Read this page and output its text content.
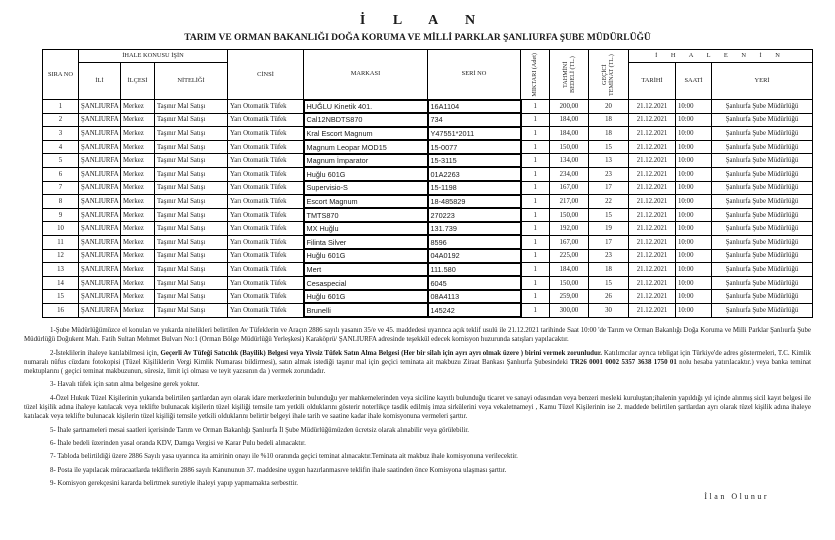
İ L A N
TARIM VE ORMAN BAKANLIĞI DOĞA KORUMA VE MİLLİ PARKLAR ŞANLIURFA ŞUBE MÜDÜRLÜĞÜ
SIRA NO	İHALE KONUSU İŞİN			CİNSİ	MARKASI	SERİ NO	MIKTARI (Adet)	TAHMİNİ BEDELİ (TL.)	GEÇİCİ TEMİNAT (TL.)	İ H A L E N İ N		
	İLİ	İLÇESİ	NİTELİĞİ							TARİHİ	SAATİ	YERİ
1	ŞANLIURFA	Merkez	Taşınır Mal Satışı	Yarı Otomatik Tüfek	HUĞLU Kinetik 401.	16A1104	1	200,00	20	21.12.2021	10:00	Şanlıurfa Şube Müdürlüğü
2	ŞANLIURFA	Merkez	Taşınır Mal Satışı	Yarı Otomatik Tüfek	Cal12NBDTS870	734	1	184,00	18	21.12.2021	10:00	Şanlıurfa Şube Müdürlüğü
3	ŞANLIURFA	Merkez	Taşınır Mal Satışı	Yarı Otomatik Tüfek	Kral Escort Magnum	Y47551*2011	1	184,00	18	21.12.2021	10:00	Şanlıurfa Şube Müdürlüğü
4	ŞANLIURFA	Merkez	Taşınır Mal Satışı	Yarı Otomatik Tüfek	Magnum Leopar MOD15	15-0077	1	150,00	15	21.12.2021	10:00	Şanlıurfa Şube Müdürlüğü
5	ŞANLIURFA	Merkez	Taşınır Mal Satışı	Yarı Otomatik Tüfek	Magnum İmparator	15-3115	1	134,00	13	21.12.2021	10:00	Şanlıurfa Şube Müdürlüğü
6	ŞANLIURFA	Merkez	Taşınır Mal Satışı	Yarı Otomatik Tüfek	Huğlu 601G	01A2263	1	234,00	23	21.12.2021	10:00	Şanlıurfa Şube Müdürlüğü
7	ŞANLIURFA	Merkez	Taşınır Mal Satışı	Yarı Otomatik Tüfek	Supervisio-S	15-1198	1	167,00	17	21.12.2021	10:00	Şanlıurfa Şube Müdürlüğü
8	ŞANLIURFA	Merkez	Taşınır Mal Satışı	Yarı Otomatik Tüfek	Escort Magnum	18-485829	1	217,00	22	21.12.2021	10:00	Şanlıurfa Şube Müdürlüğü
9	ŞANLIURFA	Merkez	Taşınır Mal Satışı	Yarı Otomatik Tüfek	TMTS870	270223	1	150,00	15	21.12.2021	10:00	Şanlıurfa Şube Müdürlüğü
10	ŞANLIURFA	Merkez	Taşınır Mal Satışı	Yarı Otomatik Tüfek	MX Huğlu	131.739	1	192,00	19	21.12.2021	10:00	Şanlıurfa Şube Müdürlüğü
11	ŞANLIURFA	Merkez	Taşınır Mal Satışı	Yarı Otomatik Tüfek	Filinta Silver	8596	1	167,00	17	21.12.2021	10:00	Şanlıurfa Şube Müdürlüğü
12	ŞANLIURFA	Merkez	Taşınır Mal Satışı	Yarı Otomatik Tüfek	Huğlu 601G	04A0192	1	225,00	23	21.12.2021	10:00	Şanlıurfa Şube Müdürlüğü
13	ŞANLIURFA	Merkez	Taşınır Mal Satışı	Yarı Otomatik Tüfek	Mert	111.580	1	184,00	18	21.12.2021	10:00	Şanlıurfa Şube Müdürlüğü
14	ŞANLIURFA	Merkez	Taşınır Mal Satışı	Yarı Otomatik Tüfek	Cesaspecial	6045	1	150,00	15	21.12.2021	10:00	Şanlıurfa Şube Müdürlüğü
15	ŞANLIURFA	Merkez	Taşınır Mal Satışı	Yarı Otomatik Tüfek	Huğlu 601G	08A4113	1	259,00	26	21.12.2021	10:00	Şanlıurfa Şube Müdürlüğü
16	ŞANLIURFA	Merkez	Taşınır Mal Satışı	Yarı Otomatik Tüfek	Brunelli	145242	1	300,00	30	21.12.2021	10:00	Şanlıurfa Şube Müdürlüğü
1-Şube Müdürlüğümüzce el konulan ve yukarda nitelikleri belirtilen Av Tüfeklerin ve Araçın 2886 sayılı yasanın 35/e ve 45. maddedesi uyarınca açık teklif usulü ile 21.12.2021 tarihinde Saat 10:00 'de Tarım ve Orman Bakanlığı Doğa Koruma ve Milli Parklar Şanlıurfa Şube Müdürlüğü Doğukent Mah. Fatih Sultan Mehmet Bulvarı No:1 (Orman Bölge Müdürlüğü Yerleşkesi) Karaköprü/ ŞANLIURFA adresinde teşekkül edecek komisyon huzurunda satışları yapılacaktır.
2-İsteklilerin ihaleye katılabilmesi için, Geçerli Av Tüfeği Satıcılık (Bayilik) Belgesi veya Yivsiz Tüfek Satın Alma Belgesi (Her bir silah için ayrı ayrı olmak üzere ) birini vermek zorunludur. Katılımcılar ayrıca tebligat için Türkiye'de adres göstermeleri, T.C. Kimlik numaralı nüfus cüzdanı fotokopisi (Tüzel Kişiliklerin Vergi Kimlik Numarası bildirmesi), satın almak istediği taşınır mal için geçici teminata ait makbuzu Ziraat Bankası Şanlıurfa Şubesindeki TR26 0001 0002 5357 3638 1750 01 nolu hesaba yatırılacaktır.) veya banka teminat mektuplarını ( geçici teminat makbuzunun, süresiz, limit içi olması ve teyit yazısının da ) vermek zorundadır.
3- Havalı tüfek için satın alma belgesine gerek yoktur.
4-Özel Hukuk Tüzel Kişilerinin yukarıda belirtilen şartlardan ayrı olarak idare merkezlerinin bulunduğu yer mahkemelerinden veya siciline kayıtlı bulunduğu ticaret ve sanayi odasından veya benzeri mesleki kuruluştan;ihalenin yapıldığı yıl içinde alınmış sicil kayıt belgesi ile tüzel kişilik adına ihaleye katılacak veya teklifte bulunacak kişilerin tüzel kişiliği temsile tam yetkili olduklarını gösterir noterlikçe tasdik edilmiş imza sirkülerini veya vekaletnameyi , Kamu Tüzel Kişilerinin ise 2. maddede belirtilen şartlardan ayrı olarak tüzel kişilik adına ihaleye katılacak veya teklifte bulunacak kişilerin tüzel kişiliği temsile yetkili olduklarını belirtir belgeyi ihale tarih ve saatine kadar ihale komisyonuna vermeleri şarttır.
5- İhale şartnameleri mesai saatleri içerisinde Tarım ve Orman Bakanlığı Şanlıurfa İl Şube Müdürlüğümüzden ücretsiz olarak alınabilir veya görülebilir.
6- İhale bedeli üzerinden yasal oranda KDV, Damga Vergisi ve Karar Pulu bedeli alınacaktır.
7- Tabloda belirtildiği üzere 2886 Sayılı yasa uyarınca ita amirinin onayı ile %10 oranında geçici teminat alınacaktır.Teminata ait makbuz ihale komisyonuna verilecektir.
8- Posta ile yapılacak müracaatlarda tekliflerin 2886 sayılı Kanununun 37. maddesine uygun hazırlanmasıve teklifin ihale saatinden önce Komisyona ulaşması şarttır.
9- Komisyon gerekçesini kararda belirtmek suretiyle ihaleyi yapıp yapmamakta serbesttir.
İlan Olunur
